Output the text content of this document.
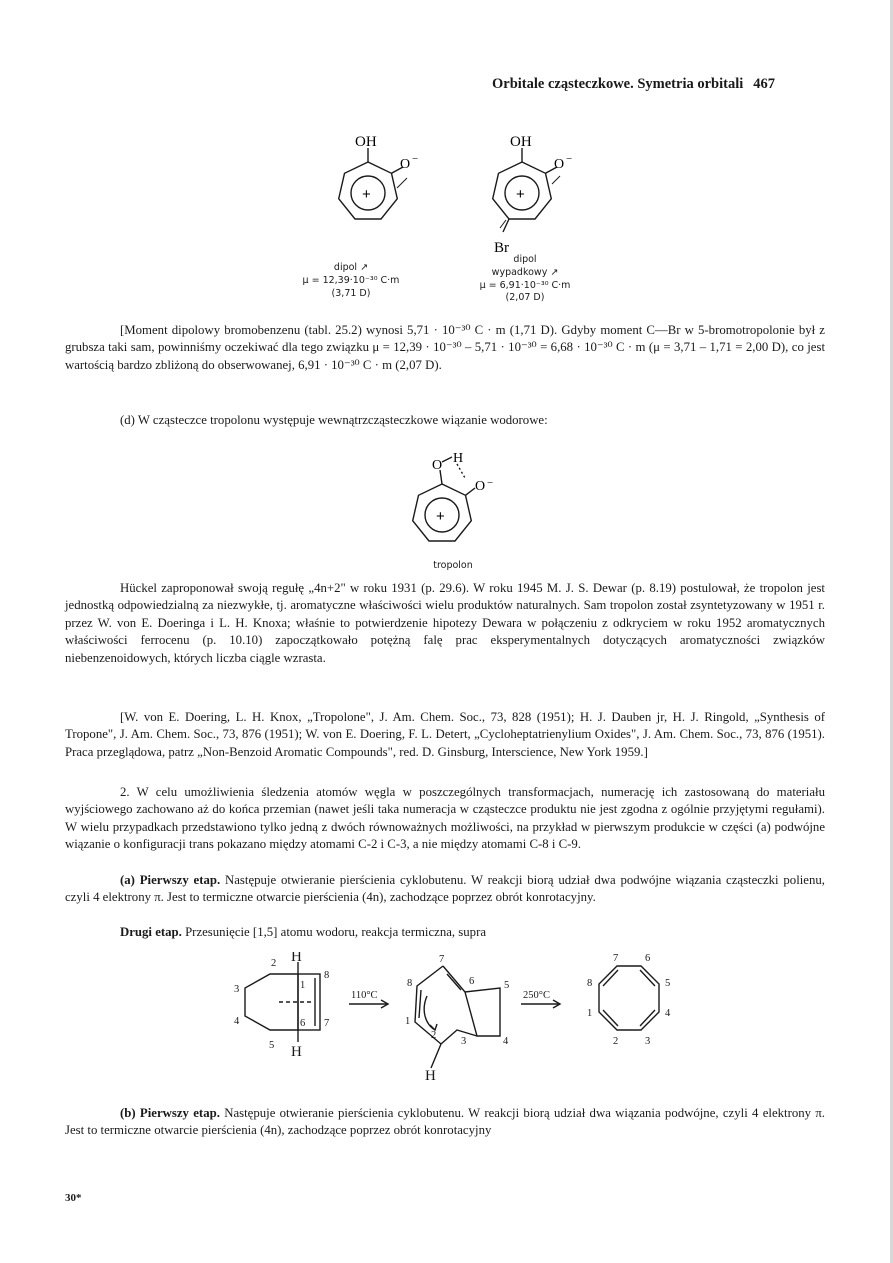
Orbitale cząsteczkowe. Symetria orbitali 467
OH
O −
+
OH
O −
+
Br
dipol ↗
μ = 12,39·10⁻³⁰ C·m
(3,71 D)
dipol
wypadkowy ↗
μ = 6,91·10⁻³⁰ C·m
(2,07 D)

[Moment dipolowy bromobenzenu (tabl. 25.2) wynosi 5,71 · 10⁻³⁰ C · m (1,71 D). Gdyby moment C—Br w 5-bromotropolonie był z grubsza taki sam, powinniśmy oczekiwać dla tego związku μ = 12,39 · 10⁻³⁰ – 5,71 · 10⁻³⁰ = 6,68 · 10⁻³⁰ C · m (μ = 3,71 – 1,71 = 2,00 D), co jest wartością bardzo zbliżoną do obserwowanej, 6,91 · 10⁻³⁰ C · m (2,07 D).

(d) W cząsteczce tropolonu występuje wewnątrzcząsteczkowe wiązanie wodorowe:

O H
O −
+
tropolon

Hückel zaproponował swoją regułę „4n+2" w roku 1931 (p. 29.6). W roku 1945 M. J. S. Dewar (p. 8.19) postulował, że tropolon jest jednostką odpowiedzialną za niezwykłe, tj. aromatyczne właściwości wielu produktów naturalnych. Sam tropolon został zsyntetyzowany w 1951 r. przez W. von E. Doeringa i L. H. Knoxa; właśnie to potwierdzenie hipotezy Dewara w połączeniu z odkryciem w roku 1952 aromatycznych właściwości ferrocenu (p. 10.10) zapoczątkowało potężną falę prac eksperymentalnych dotyczących aromatyczności związków niebenzenoidowych, których liczba ciągle wzrasta.

[W. von E. Doering, L. H. Knox, „Tropolone", J. Am. Chem. Soc., 73, 828 (1951); H. J. Dauben jr, H. J. Ringold, „Synthesis of Tropone", J. Am. Chem. Soc., 73, 876 (1951); W. von E. Doering, F. L. Detert, „Cycloheptatrienylium Oxides", J. Am. Chem. Soc., 73, 876 (1951). Praca przeglądowa, patrz „Non-Benzoid Aromatic Compounds", red. D. Ginsburg, Interscience, New York 1959.]

2. W celu umożliwienia śledzenia atomów węgla w poszczególnych transformacjach, numerację ich zastosowaną do materiału wyjściowego zachowano aż do końca przemian (nawet jeśli taka numeracja w cząsteczce produktu nie jest zgodna z ogólnie przyjętymi regułami). W wielu przypadkach przedstawiono tylko jedną z dwóch równoważnych możliwości, na przykład w pierwszym produkcie w części (a) podwójne wiązanie o konfiguracji trans pokazano między atomami C-2 i C-3, a nie między atomami C-8 i C-9.

(a) Pierwszy etap. Następuje otwieranie pierścienia cyklobutenu. W reakcji biorą udział dwa podwójne wiązania cząsteczki polienu, czyli 4 elektrony π. Jest to termiczne otwarcie pierścienia (4n), zachodzące poprzez obrót konrotacyjny.

Drugi etap. Przesunięcie [1,5] atomu wodoru, reakcja termiczna, supra

H
H
2
1
3
8
4	6 7
5
110°C	250°C
7
6	5
8
1
2
3	4
H
7	6
8	5
1	4
2	3

(b) Pierwszy etap. Następuje otwieranie pierścienia cyklobutenu. W reakcji biorą udział dwa wiązania podwójne, czyli 4 elektrony π. Jest to termiczne otwarcie pierścienia (4n), zachodzące poprzez obrót konrotacyjny

30*
